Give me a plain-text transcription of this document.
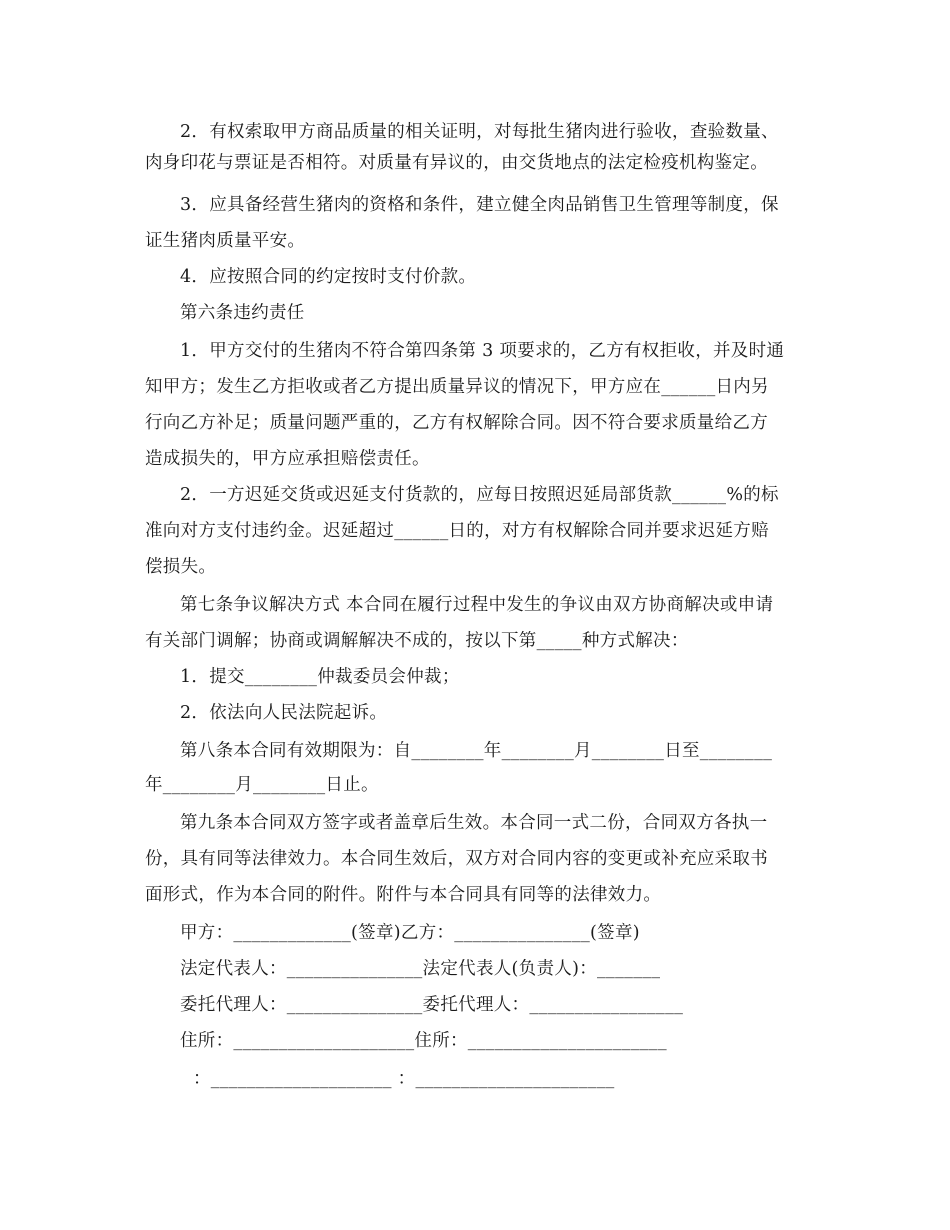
2．有权索取甲方商品质量的相关证明，对每批生猪肉进行验收，查验数量、
肉身印花与票证是否相符。对质量有异议的，由交货地点的法定检疫机构鉴定。
3．应具备经营生猪肉的资格和条件，建立健全肉品销售卫生管理等制度，保
证生猪肉质量平安。
4．应按照合同的约定按时支付价款。
第六条违约责任
1．甲方交付的生猪肉不符合第四条第 3 项要求的，乙方有权拒收，并及时通
知甲方；发生乙方拒收或者乙方提出质量异议的情况下，甲方应在______日内另
行向乙方补足；质量问题严重的，乙方有权解除合同。因不符合要求质量给乙方
造成损失的，甲方应承担赔偿责任。
2．一方迟延交货或迟延支付货款的，应每日按照迟延局部货款______%的标
准向对方支付违约金。迟延超过______日的，对方有权解除合同并要求迟延方赔
偿损失。
第七条争议解决方式 本合同在履行过程中发生的争议由双方协商解决或申请
有关部门调解；协商或调解解决不成的，按以下第_____种方式解决：
1．提交________仲裁委员会仲裁；
2．依法向人民法院起诉。
第八条本合同有效期限为：自________年________月________日至________
年________月________日止。
第九条本合同双方签字或者盖章后生效。本合同一式二份，合同双方各执一
份，具有同等法律效力。本合同生效后，双方对合同内容的变更或补充应采取书
面形式，作为本合同的附件。附件与本合同具有同等的法律效力。
甲方：_____________(签章)乙方：_______________(签章)
法定代表人：_______________法定代表人(负责人)：_______
委托代理人：_______________委托代理人：_________________
住所：____________________住所：______________________
：____________________ ：______________________
